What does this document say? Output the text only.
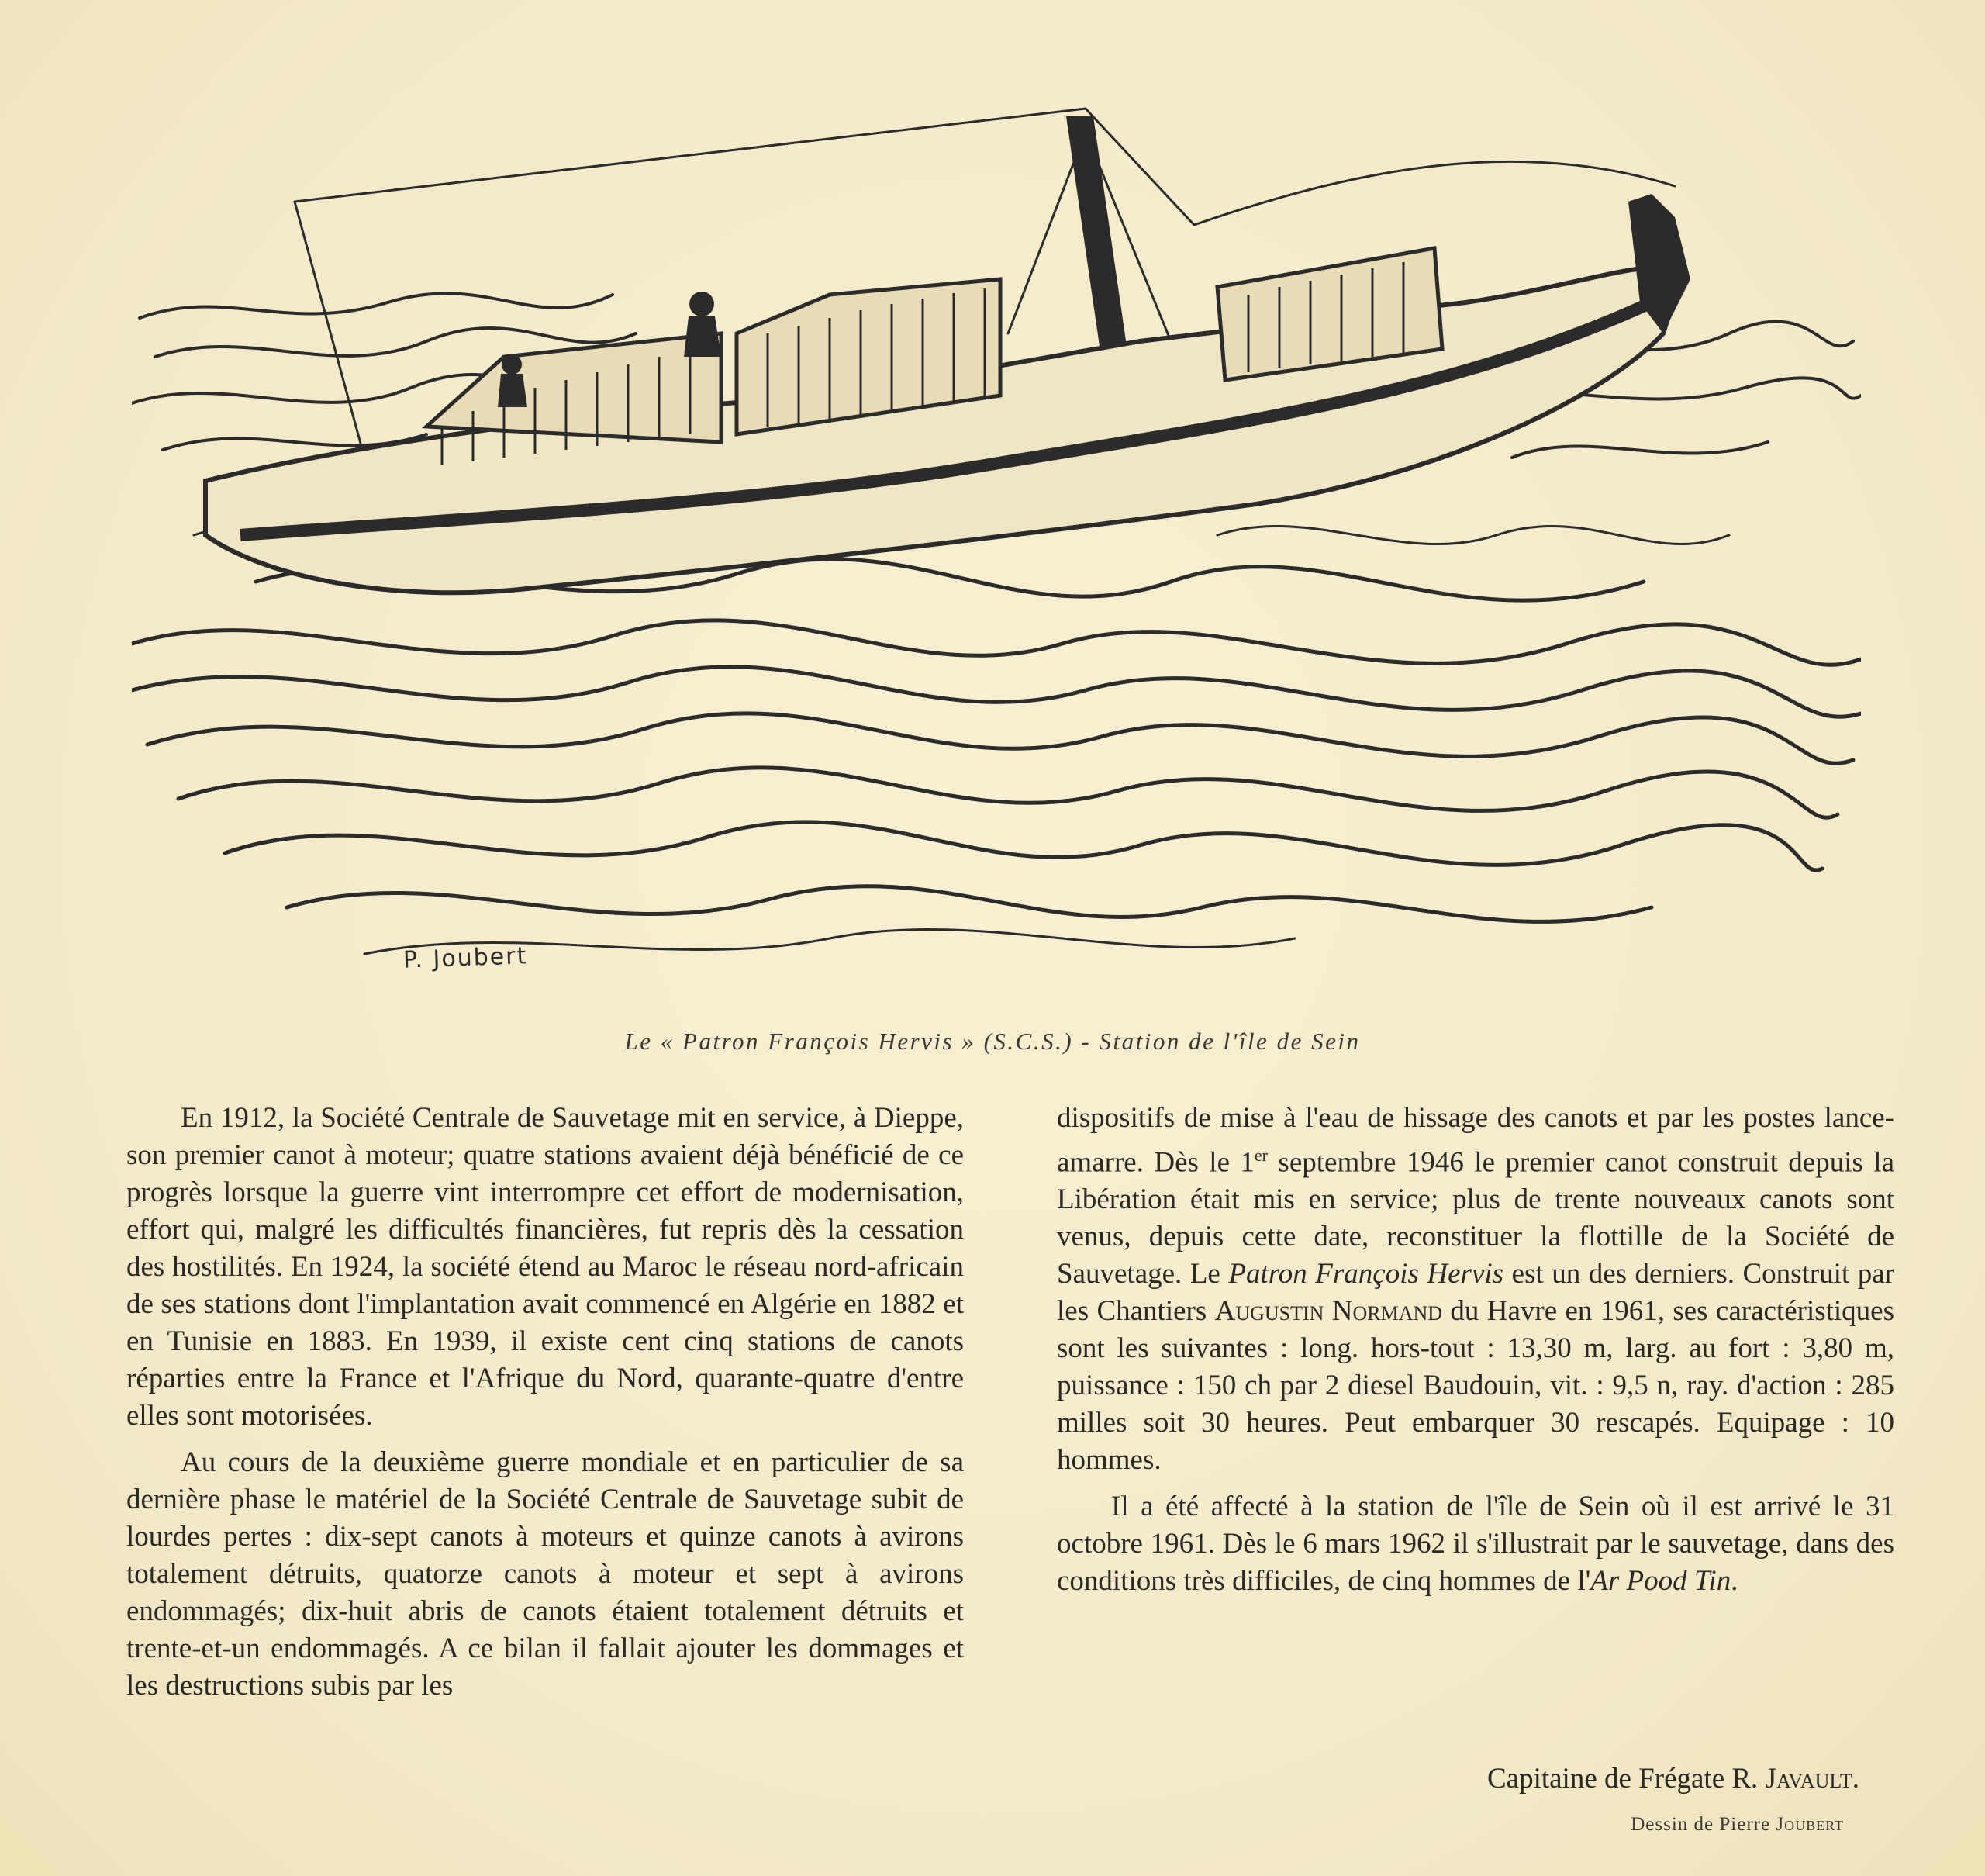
P. Joubert
Le « Patron François Hervis » (S.C.S.) - Station de l'île de Sein

En 1912, la Société Centrale de Sauvetage mit en service, à Dieppe, son premier canot à moteur; quatre stations avaient déjà bénéficié de ce progrès lorsque la guerre vint interrompre cet effort de modernisation, effort qui, malgré les difficultés financières, fut repris dès la cessation des hostilités. En 1924, la société étend au Maroc le réseau nord-africain de ses stations dont l'implantation avait commencé en Algérie en 1882 et en Tunisie en 1883. En 1939, il existe cent cinq stations de canots réparties entre la France et l'Afrique du Nord, quarante-quatre d'entre elles sont motorisées.

Au cours de la deuxième guerre mondiale et en particulier de sa dernière phase le matériel de la Société Centrale de Sauvetage subit de lourdes pertes : dix-sept canots à moteurs et quinze canots à avirons totalement détruits, quatorze canots à moteur et sept à avirons endommagés; dix-huit abris de canots étaient totalement détruits et trente-et-un endommagés. A ce bilan il fallait ajouter les dommages et les destructions subis par les

dispositifs de mise à l'eau de hissage des canots et par les postes lance-amarre. Dès le 1er septembre 1946 le premier canot construit depuis la Libération était mis en service; plus de trente nouveaux canots sont venus, depuis cette date, reconstituer la flottille de la Société de Sauvetage. Le Patron François Hervis est un des derniers. Construit par les Chantiers Augustin Normand du Havre en 1961, ses caractéristiques sont les suivantes : long. hors-tout : 13,30 m, larg. au fort : 3,80 m, puissance : 150 ch par 2 diesel Baudouin, vit. : 9,5 n, ray. d'action : 285 milles soit 30 heures. Peut embarquer 30 rescapés. Equipage : 10 hommes.

Il a été affecté à la station de l'île de Sein où il est arrivé le 31 octobre 1961. Dès le 6 mars 1962 il s'illustrait par le sauvetage, dans des conditions très difficiles, de cinq hommes de l'Ar Pood Tin.

Capitaine de Frégate R. Javault.
Dessin de Pierre Joubert
